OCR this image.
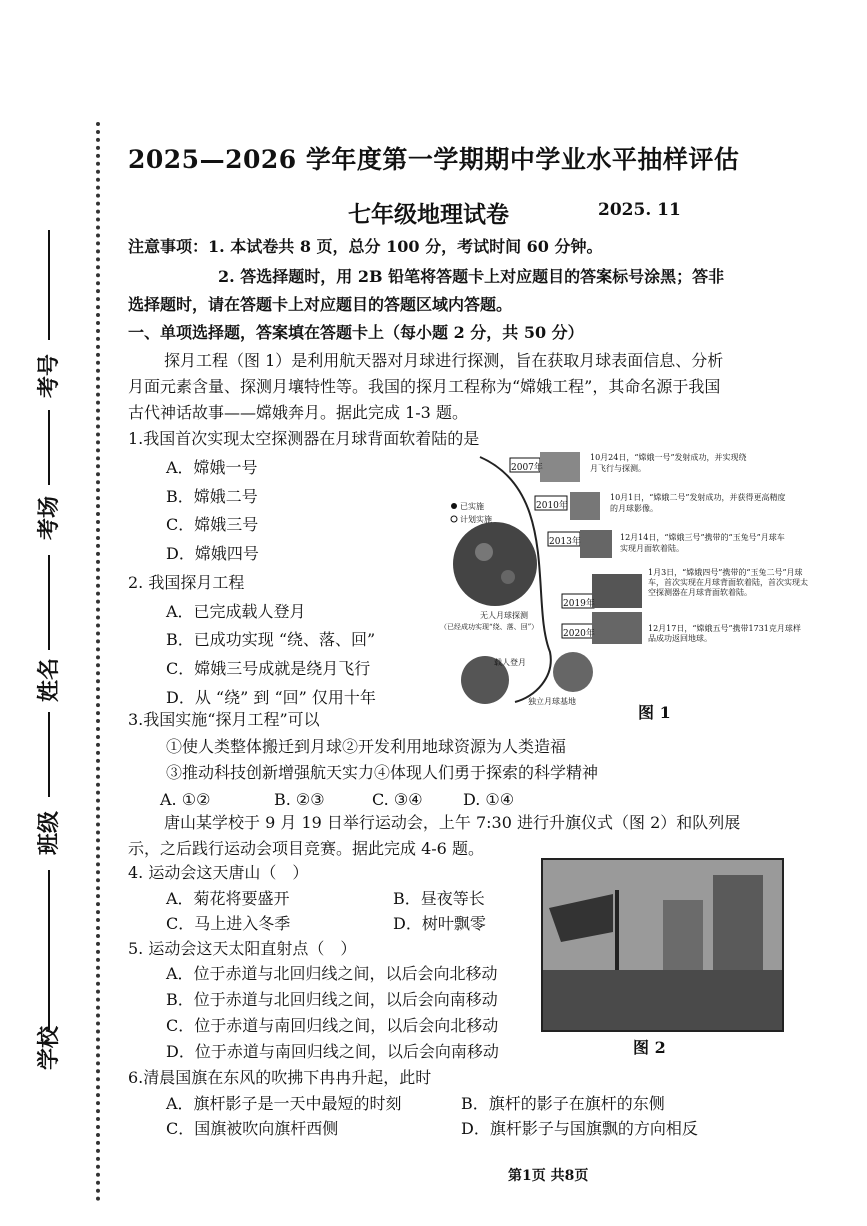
考号
考场
姓名
班级
学校
2025—2026 学年度第一学期期中学业水平抽样评估
七年级地理试卷	2025. 11
注意事项：1. 本试卷共 8 页，总分 100 分，考试时间 60 分钟。
2. 答选择题时，用 2B 铅笔将答题卡上对应题目的答案标号涂黑；答非
选择题时，请在答题卡上对应题目的答题区域内答题。
一、单项选择题，答案填在答题卡上（每小题 2 分，共 50 分）
探月工程（图 1）是利用航天器对月球进行探测，旨在获取月球表面信息、分析
月面元素含量、探测月壤特性等。我国的探月工程称为“嫦娥工程”，其命名源于我国
古代神话故事——嫦娥奔月。据此完成 1-3 题。
1.我国首次实现太空探测器在月球背面软着陆的是
A．嫦娥一号
B．嫦娥二号
C．嫦娥三号
D．嫦娥四号
2. 我国探月工程
A．已完成载人登月
B．已成功实现 “绕、落、回”
C．嫦娥三号成就是绕月飞行
D．从 “绕” 到 “回” 仅用十年
已实施
计划实施
2007年
2010年
2013年
2019年
2020年
10月24日，“嫦娥一号”发射成功，并实现绕月飞行与探测。
10月1日，“嫦娥二号”发射成功，并获得更高精度的月球影像。
12月14日，“嫦娥三号”携带的“玉兔号”月球车实现月面软着陆。
1月3日，“嫦娥四号”携带的“玉兔二号”月球车，首次实现在月球背面软着陆，首次实现太空探测器在月球背面软着陆。
12月17日，“嫦娥五号”携带1731克月球样品成功返回地球。
无人月球探测
（已经成功实现“绕、落、回”）
载人登月
独立月球基地
图 1
3.我国实施“探月工程”可以
①使人类整体搬迁到月球②开发利用地球资源为人类造福
③推动科技创新增强航天实力④体现人们勇于探索的科学精神
A. ①②	B. ②③	C. ③④	D. ①④
唐山某学校于 9 月 19 日举行运动会，上午 7:30 进行升旗仪式（图 2）和队列展
示，之后践行运动会项目竞赛。据此完成 4-6 题。
图 2
4. 运动会这天唐山（　）
A．菊花将要盛开	B．昼夜等长
C．马上进入冬季	D．树叶飘零
5. 运动会这天太阳直射点（　）
A．位于赤道与北回归线之间，以后会向北移动
B．位于赤道与北回归线之间，以后会向南移动
C．位于赤道与南回归线之间，以后会向北移动
D．位于赤道与南回归线之间，以后会向南移动
6.清晨国旗在东风的吹拂下冉冉升起，此时
A．旗杆影子是一天中最短的时刻	B．旗杆的影子在旗杆的东侧
C．国旗被吹向旗杆西侧	D．旗杆影子与国旗飘的方向相反
第1页 共8页
